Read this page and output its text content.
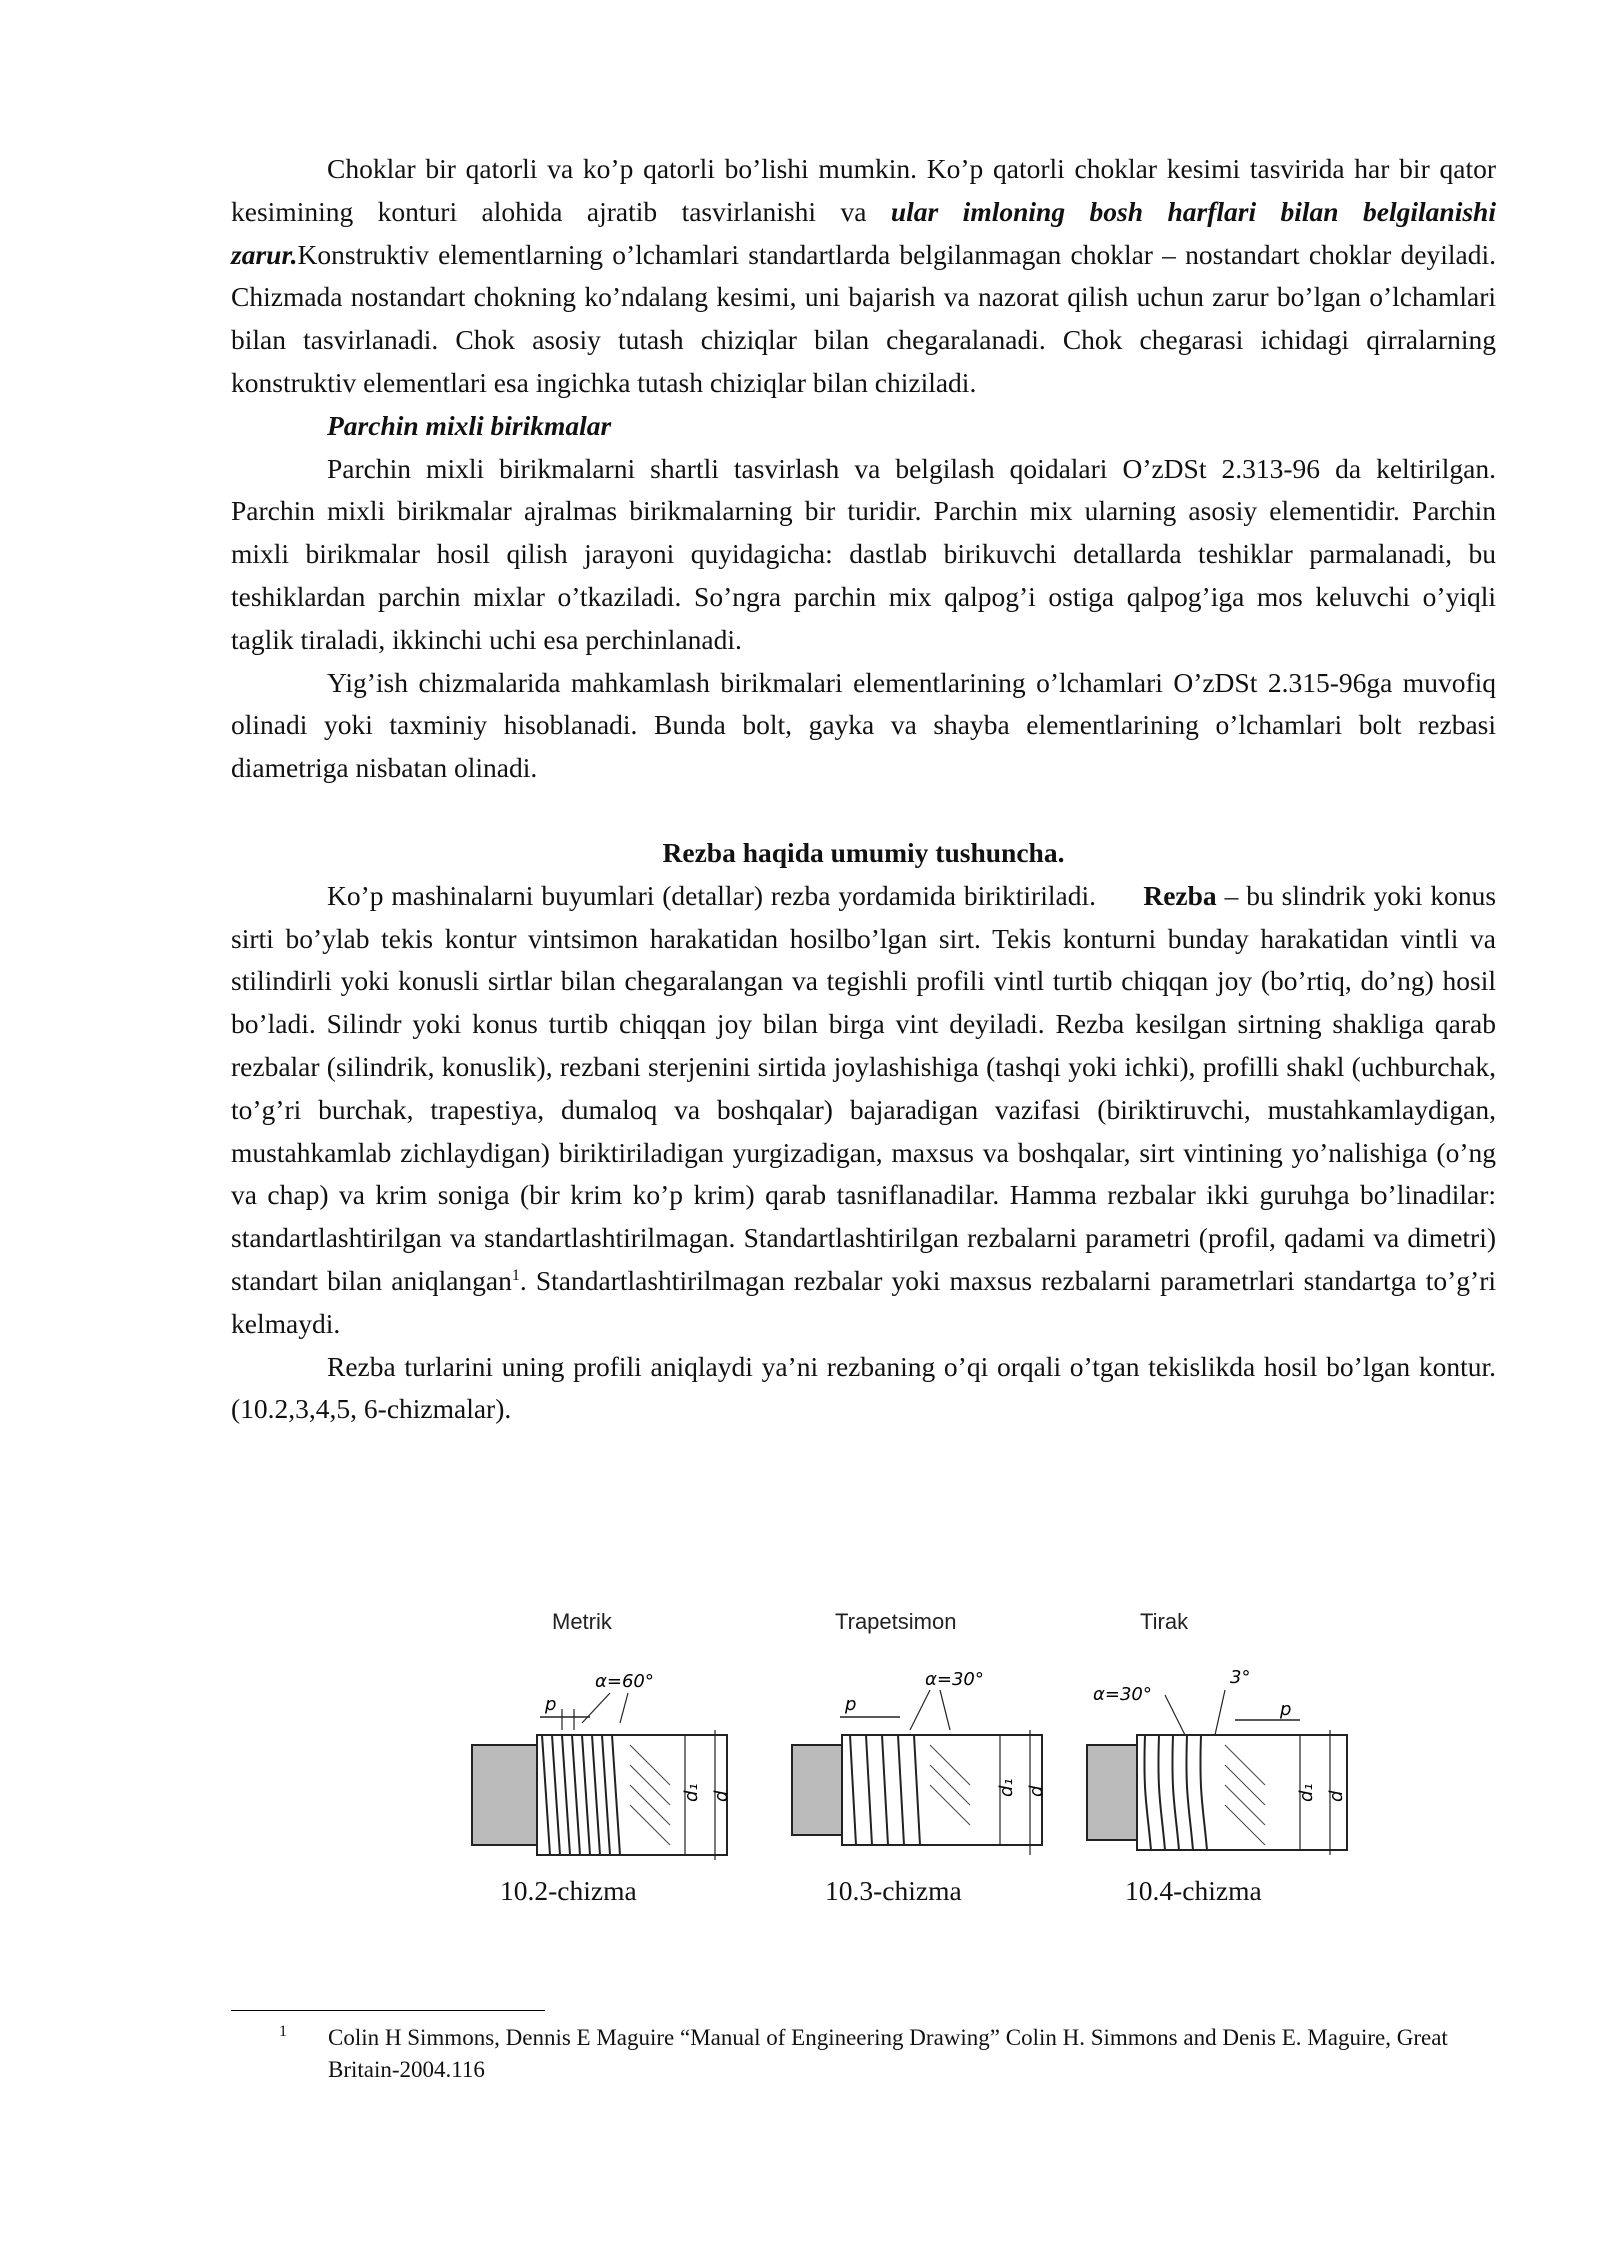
Choklar bir qatorli va ko’p qatorli bo’lishi mumkin. Ko’p qatorli choklar kesimi tasvirida har bir qator kesimining konturi alohida ajratib tasvirlanishi va ular imloning bosh harflari bilan belgilanishi zarur.Konstruktiv elementlarning o’lchamlari standartlarda belgilanmagan choklar – nostandart choklar deyiladi. Chizmada nostandart chokning ko’ndalang kesimi, uni bajarish va nazorat qilish uchun zarur bo’lgan o’lchamlari bilan tasvirlanadi. Chok asosiy tutash chiziqlar bilan chegaralanadi. Chok chegarasi ichidagi qirralarning konstruktiv elementlari esa ingichka tutash chiziqlar bilan chiziladi.

Parchin mixli birikmalar

Parchin mixli birikmalarni shartli tasvirlash va belgilash qoidalari O’zDSt 2.313-96 da keltirilgan. Parchin mixli birikmalar ajralmas birikmalarning bir turidir. Parchin mix ularning asosiy elementidir. Parchin mixli birikmalar hosil qilish jarayoni quyidagicha: dastlab birikuvchi detallarda teshiklar parmalanadi, bu teshiklardan parchin mixlar o’tkaziladi. So’ngra parchin mix qalpog’i ostiga qalpog’iga mos keluvchi o’yiqli taglik tiraladi, ikkinchi uchi esa perchinlanadi.

Yig’ish chizmalarida mahkamlash birikmalari elementlarining o’lchamlari O’zDSt 2.315-96ga muvofiq olinadi yoki taxminiy hisoblanadi. Bunda bolt, gayka va shayba elementlarining o’lchamlari bolt rezbasi diametriga nisbatan olinadi.

Rezba haqida umumiy tushuncha.

Ko’p mashinalarni buyumlari (detallar) rezba yordamida biriktiriladi. Rezba – bu slindrik yoki konus sirti bo’ylab tekis kontur vintsimon harakatidan hosilbo’lgan sirt. Tekis konturni bunday harakatidan vintli va stilindirli yoki konusli sirtlar bilan chegaralangan va tegishli profili vintl turtib chiqqan joy (bo’rtiq, do’ng) hosil bo’ladi. Silindr yoki konus turtib chiqqan joy bilan birga vint deyiladi. Rezba kesilgan sirtning shakliga qarab rezbalar (silindrik, konuslik), rezbani sterjenini sirtida joylashishiga (tashqi yoki ichki), profilli shakl (uchburchak, to’g’ri burchak, trapestiya, dumaloq va boshqalar) bajaradigan vazifasi (biriktiruvchi, mustahkamlaydigan, mustahkamlab zichlaydigan) biriktiriladigan yurgizadigan, maxsus va boshqalar, sirt vintining yo’nalishiga (o’ng va chap) va krim soniga (bir krim ko’p krim) qarab tasniflanadilar. Hamma rezbalar ikki guruhga bo’linadilar: standartlashtirilgan va standartlashtirilmagan. Standartlashtirilgan rezbalarni parametri (profil, qadami va dimetri) standart bilan aniqlangan$^1$. Standartlashtirilmagan rezbalar yoki maxsus rezbalarni parametrlari standartga to’g’ri kelmaydi.

Rezba turlarini uning profili aniqlaydi ya’ni rezbaning o’qi orqali o’tgan tekislikda hosil bo’lgan kontur. (10.2,3,4,5, 6-chizmalar).

Metrik
α=60°
p
d₁ d
10.2-chizma
Trapetsimon
α=30°
p
d₁ d
10.3-chizma
Tirak
α=30°
3°
p
d₁ d
10.4-chizma
1 Colin H Simmons, Dennis E Maguire “Manual of Engineering Drawing” Colin H. Simmons and Denis E. Maguire, Great Britain-2004.116
